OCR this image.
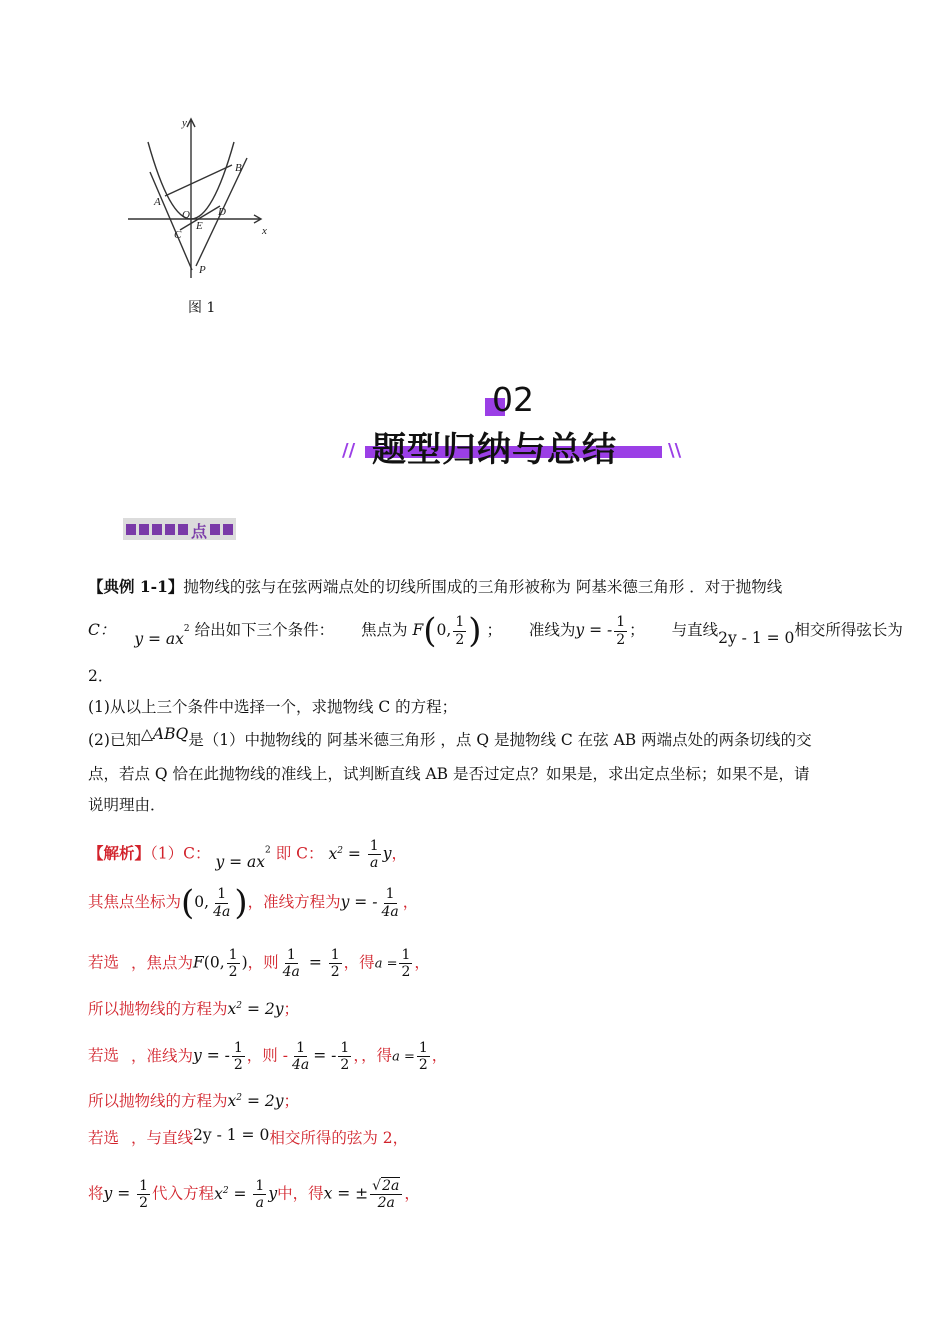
y
x
A
B
O	D
E
C
P
图 1
02
题型归纳与总结
//	\\
点
【典例 1-1】抛物线的弦与在弦两端点处的切线所围成的三角形被称为 阿基米德三角形 ．对于抛物线
C： $y = ax^2$ 给出如下三个条件： 焦点为 F(0, $\frac{1}{2}$ ) ； 准线为y = - $\frac{1}{2}$ ； 与直线2y - 1 = 0相交所得弦长为
2．
(1)从以上三个条件中选择一个，求抛物线 C 的方程；
(2)已知△ABQ是（1）中抛物线的 阿基米德三角形 ，点 Q 是抛物线 C 在弦 AB 两端点处的两条切线的交
点，若点 Q 恰在此抛物线的准线上，试判断直线 AB 是否过定点？如果是，求出定点坐标；如果不是，请
说明理由．
【解析】（1）C： $y = ax^2$ 即 C： $x^2 = \frac{1}{a}$ y，
其焦点坐标为(0, $\frac{1}{4a}$ )，准线方程为y = - $\frac{1}{4a}$ ，
若选 ，焦点为F(0, $\frac{1}{2}$ )，则 $\frac{1}{4a} = \frac{1}{2}$ ，得$a = \frac{1}{2}$ ，
所以抛物线的方程为$x^2 = 2y$；
若选 ，准线为y = - $\frac{1}{2}$ ，则 - $\frac{1}{4a}$ = - $\frac{1}{2}$ ，，得$a = \frac{1}{2}$ ，
所以抛物线的方程为$x^2 = 2y$；
若选 ，与直线2y - 1 = 0相交所得的弦为 2，
将$y = \frac{1}{2}$ 代入方程$x^2 = \frac{1}{a}$ y中，得x = ± $\frac{√2a}{2a}$ ，
